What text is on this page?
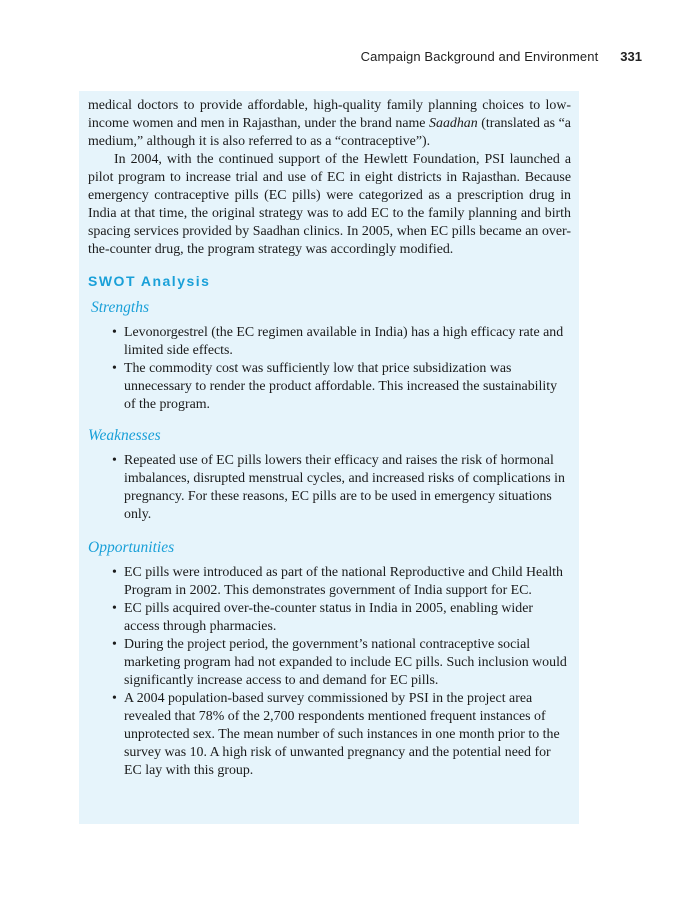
Campaign Background and Environment 331

medical doctors to provide affordable, high-quality family planning choices to low-income women and men in Rajasthan, under the brand name Saadhan (translated as “a medium,” although it is also referred to as a “contraceptive”).

In 2004, with the continued support of the Hewlett Foundation, PSI launched a pilot program to increase trial and use of EC in eight districts in Rajasthan. Because emergency contraceptive pills (EC pills) were categorized as a prescription drug in India at that time, the original strategy was to add EC to the family planning and birth spacing services provided by Saadhan clinics. In 2005, when EC pills became an over-the-counter drug, the program strategy was accordingly modified.

SWOT Analysis
Strengths
• Levonorgestrel (the EC regimen available in India) has a high efficacy rate and limited side effects.
• The commodity cost was sufficiently low that price subsidization was unnecessary to render the product affordable. This increased the sustainability of the program.
Weaknesses
• Repeated use of EC pills lowers their efficacy and raises the risk of hormonal imbalances, disrupted menstrual cycles, and increased risks of complications in pregnancy. For these reasons, EC pills are to be used in emergency situations only.
Opportunities
• EC pills were introduced as part of the national Reproductive and Child Health Program in 2002. This demonstrates government of India support for EC.
• EC pills acquired over-the-counter status in India in 2005, enabling wider access through pharmacies.
• During the project period, the government’s national contraceptive social marketing program had not expanded to include EC pills. Such inclusion would significantly increase access to and demand for EC pills.
• A 2004 population-based survey commissioned by PSI in the project area revealed that 78% of the 2,700 respondents mentioned frequent instances of unprotected sex. The mean number of such instances in one month prior to the survey was 10. A high risk of unwanted pregnancy and the potential need for EC lay with this group.
